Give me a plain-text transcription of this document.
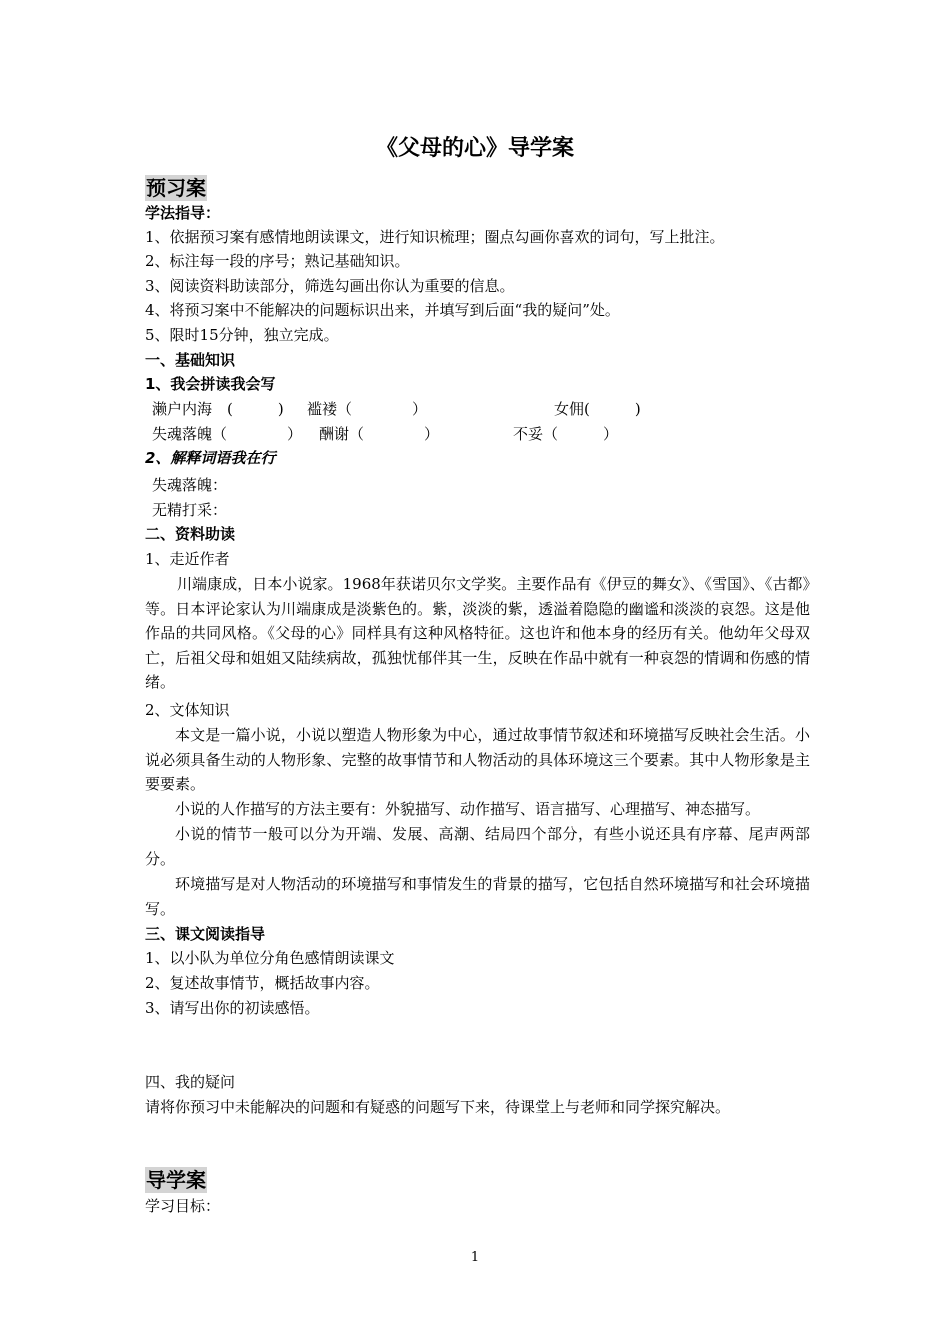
《父母的心》导学案
预习案
学法指导：
1、依据预习案有感情地朗读课文，进行知识梳理；圈点勾画你喜欢的词句，写上批注。
2、标注每一段的序号；熟记基础知识。
3、阅读资料助读部分，筛选勾画出你认为重要的信息。
4、将预习案中不能解决的问题标识出来，并填写到后面“我的疑问”处。
5、限时15分钟，独立完成。
一、基础知识
1、我会拼读我会写
濑户内海　(　　　) 褴褛（　　　　）	女佣(　　　)
失魂落魄（　　　　） 酬谢（　　　　）	不妥（　　　）
2、解释词语我在行
失魂落魄：
无精打采：
二、资料助读
1、走近作者
川端康成，日本小说家。1968年获诺贝尔文学奖。主要作品有《伊豆的舞女》、《雪国》、《古都》等。日本评论家认为川端康成是淡紫色的。紫，淡淡的紫，透溢着隐隐的幽谧和淡淡的哀怨。这是他作品的共同风格。《父母的心》同样具有这种风格特征。这也许和他本身的经历有关。他幼年父母双亡，后祖父母和姐姐又陆续病故，孤独忧郁伴其一生，反映在作品中就有一种哀怨的情调和伤感的情绪。
2、文体知识
本文是一篇小说，小说以塑造人物形象为中心，通过故事情节叙述和环境描写反映社会生活。小说必须具备生动的人物形象、完整的故事情节和人物活动的具体环境这三个要素。其中人物形象是主要要素。
小说的人作描写的方法主要有：外貌描写、动作描写、语言描写、心理描写、神态描写。
小说的情节一般可以分为开端、发展、高潮、结局四个部分，有些小说还具有序幕、尾声两部分。
环境描写是对人物活动的环境描写和事情发生的背景的描写，它包括自然环境描写和社会环境描写。
三、课文阅读指导
1、以小队为单位分角色感情朗读课文
2、复述故事情节，概括故事内容。
3、请写出你的初读感悟。
四、我的疑问
请将你预习中未能解决的问题和有疑惑的问题写下来，待课堂上与老师和同学探究解决。
导学案
学习目标：
1
